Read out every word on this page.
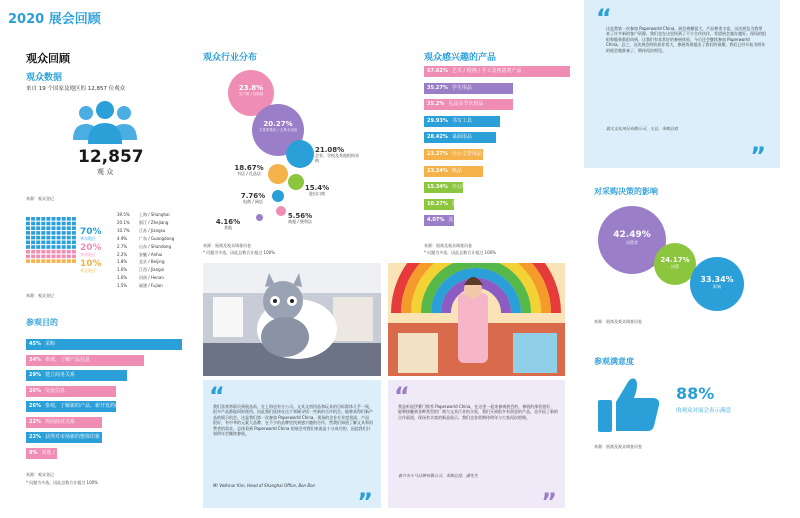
2020 展会回顾
观众回顾
观众数据
来自 19 个国家及地区的 12,857 位观众
12,857
观 众
来源：观众登记
70%
华东地区
20%
华南地区
10%
华北地区
39.5% 上海 / Shanghai
20.1% 浙江 / Zhejiang
10.7% 江苏 / Jiangsu
4.9%	广东 / Guangdong
2.7%	山东 / Shandong
2.2%	安徽 / Anhui
1.8%	北京 / Beijing
1.6%	江西 / Jiangxi
1.6%	河南 / Henan
1.5%	福建 / Fujian
来源：观众登记
参观目的
45% 采购
34% 参观，了解产品信息
29% 建立商务关系
26% 交流信息
26% 参观，了解新的产品、新开发的成果
22% 巩固商业关系
22% 获得对市场新的整体印象
9% 其他 / 参与同期活动
来源：观众登记
* 问题为多选，因此总数合计超过 100%
观众行业分布
23.8%
生产商 / 经销商
20.27%
文具零售店 / 文具专卖店
21.08%
企业、学校及其他机构采购
18.67%
书店 / 礼品店
15.4%
进出口商
7.76%
电商 / 网店
5.56%
商超 / 便利店
4.16%
其他
来源：展商及观众调查问卷
* 问题为多选，因此总数合计超过 100%
观众感兴趣的产品
57.62% 艺术 / 绘画 / 手工及创意类产品
35.27% 学生用品
35.2% 礼品及节庆用品
29.93% 书写工具
28.42% 桌面用品
23.27% 办公文管用品
23.24% 纸品
15.34% 办公机器
10.27% 包装及印刷
4.07% 其他
来源：展商及观众调查问卷
* 问题为多选，因此总数合计超过 100%
“
我们喜欢带职员到展品前，在上海也有分公司。文具文创用品和玩具的目标群体几乎一致，很多产品都能同时使用。因此我们选择在这个领域寻找一些新的合作机会。能够获得们新产品的展示机会，这是我们第一次参加 Paperworld China，现场的企业专业度很高，产品很好，有中华的元素大品牌，在不少的品牌里找到感兴趣的合作，然我们知道了解文具和消费者的需求，总体看到 Paperworld China 的展会对我们来说是十分成功的，因此我们计划明年会继续参展。
Mr Volkmar Kim, Head of Shanghai Office, Bon Bon
”
“
我是听说伊赛门推荐 Paperworld China，在这里一起来参观展会的，参展的体验很好，能够接触到各种类型的厂商与文具行业的买家，我们买到很多有创意的产品，也开拓了新的合作渠道，现场有丰富的新品展示，我们也非常期待明年与大家再次相聚。
嘉兴市小马品牌有限公司，采购总监，潘先生
”
“
这是我第一次参加 Paperworld China，展会规模很大，产品种类丰富，这次展览为我带来了许多新的客户资源，我们也在这里找到了不少合作伙伴，希望展会越办越好。现场的组织和服务都很周到，让我们有非常好的参展体验，今后还会继续参加 Paperworld China。总之，这次展会的收获非常大，参展效果超出了我们的预期。我们已经开始为明年的展会做准备了，期待再次相见。
晨光文化用品有限公司，王总，采购总监
”
对采购决策的影响
42.49%
决策者
24.17%
决策
33.34%
影响
来源：展商及观众调查问卷
参观满意度
88%
的观众对展会表示满意
来源：展商及观众调查问卷
